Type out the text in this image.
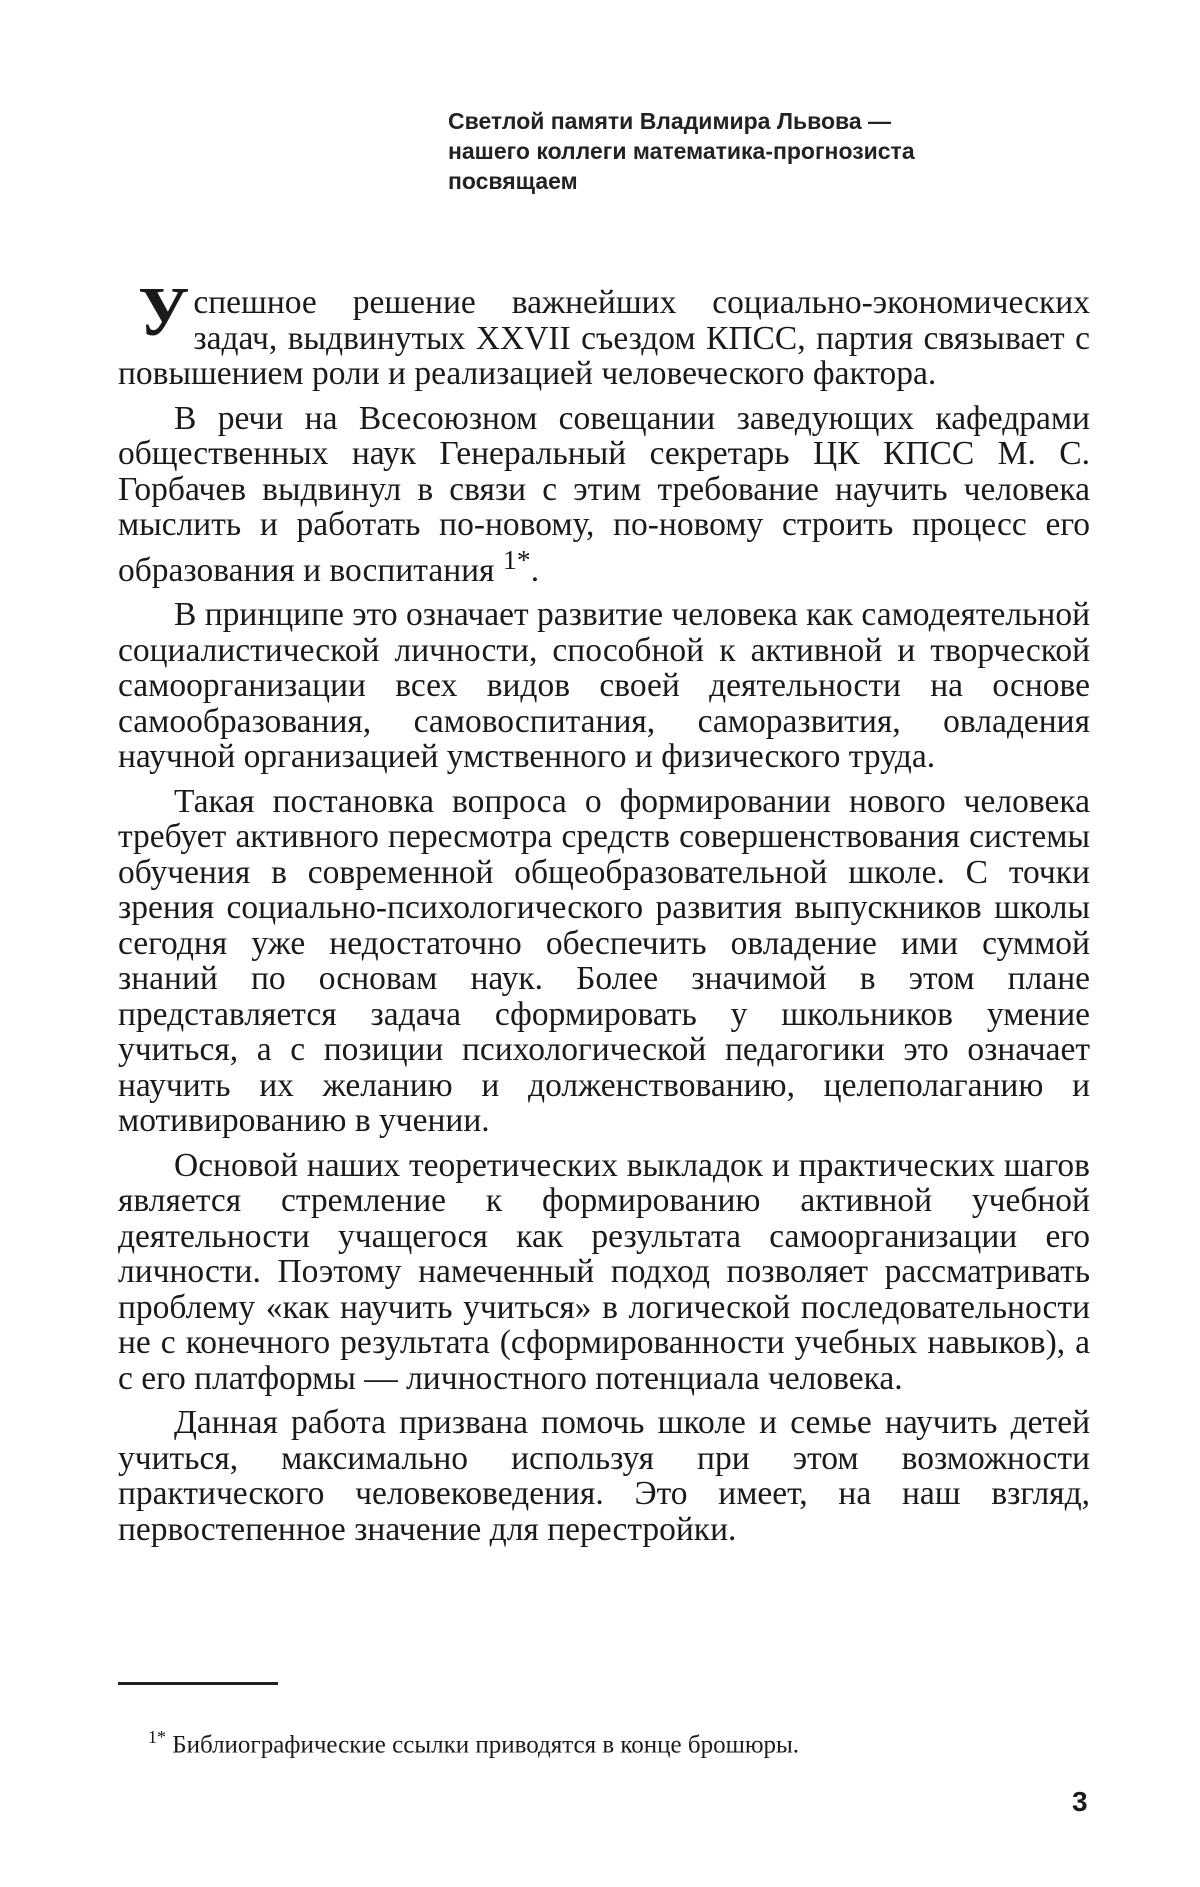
Светлой памяти Владимира Львова —
нашего коллеги математика-прогнозиста
посвящаем

Успешное решение важнейших социально-экономических задач, выдвинутых XXVII съездом КПСС, партия связывает с повышением роли и реализацией человеческого фактора.

В речи на Всесоюзном совещании заведующих кафедрами общественных наук Генеральный секретарь ЦК КПСС М. С. Горбачев выдвинул в связи с этим требование научить человека мыслить и работать по-новому, по-новому строить процесс его образования и воспитания $^{1*}$.

В принципе это означает развитие человека как самодеятельной социалистической личности, способной к активной и творческой самоорганизации всех видов своей деятельности на основе самообразования, самовоспитания, саморазвития, овладения научной организацией умственного и физического труда.

Такая постановка вопроса о формировании нового человека требует активного пересмотра средств совершенствования системы обучения в современной общеобразовательной школе. С точки зрения социально-психологического развития выпускников школы сегодня уже недостаточно обеспечить овладение ими суммой знаний по основам наук. Более значимой в этом плане представляется задача сформировать у школьников умение учиться, а с позиции психологической педагогики это означает научить их желанию и долженствованию, целеполаганию и мотивированию в учении.

Основой наших теоретических выкладок и практических шагов является стремление к формированию активной учебной деятельности учащегося как результата самоорганизации его личности. Поэтому намеченный подход позволяет рассматривать проблему «как научить учиться» в логической последовательности не с конечного результата (сформированности учебных навыков), а с его платформы — личностного потенциала человека.

Данная работа призвана помочь школе и семье научить детей учиться, максимально используя при этом возможности практического человековедения. Это имеет, на наш взгляд, первостепенное значение для перестройки.

$^{1*}$ Библиографические ссылки приводятся в конце брошюры.
3
